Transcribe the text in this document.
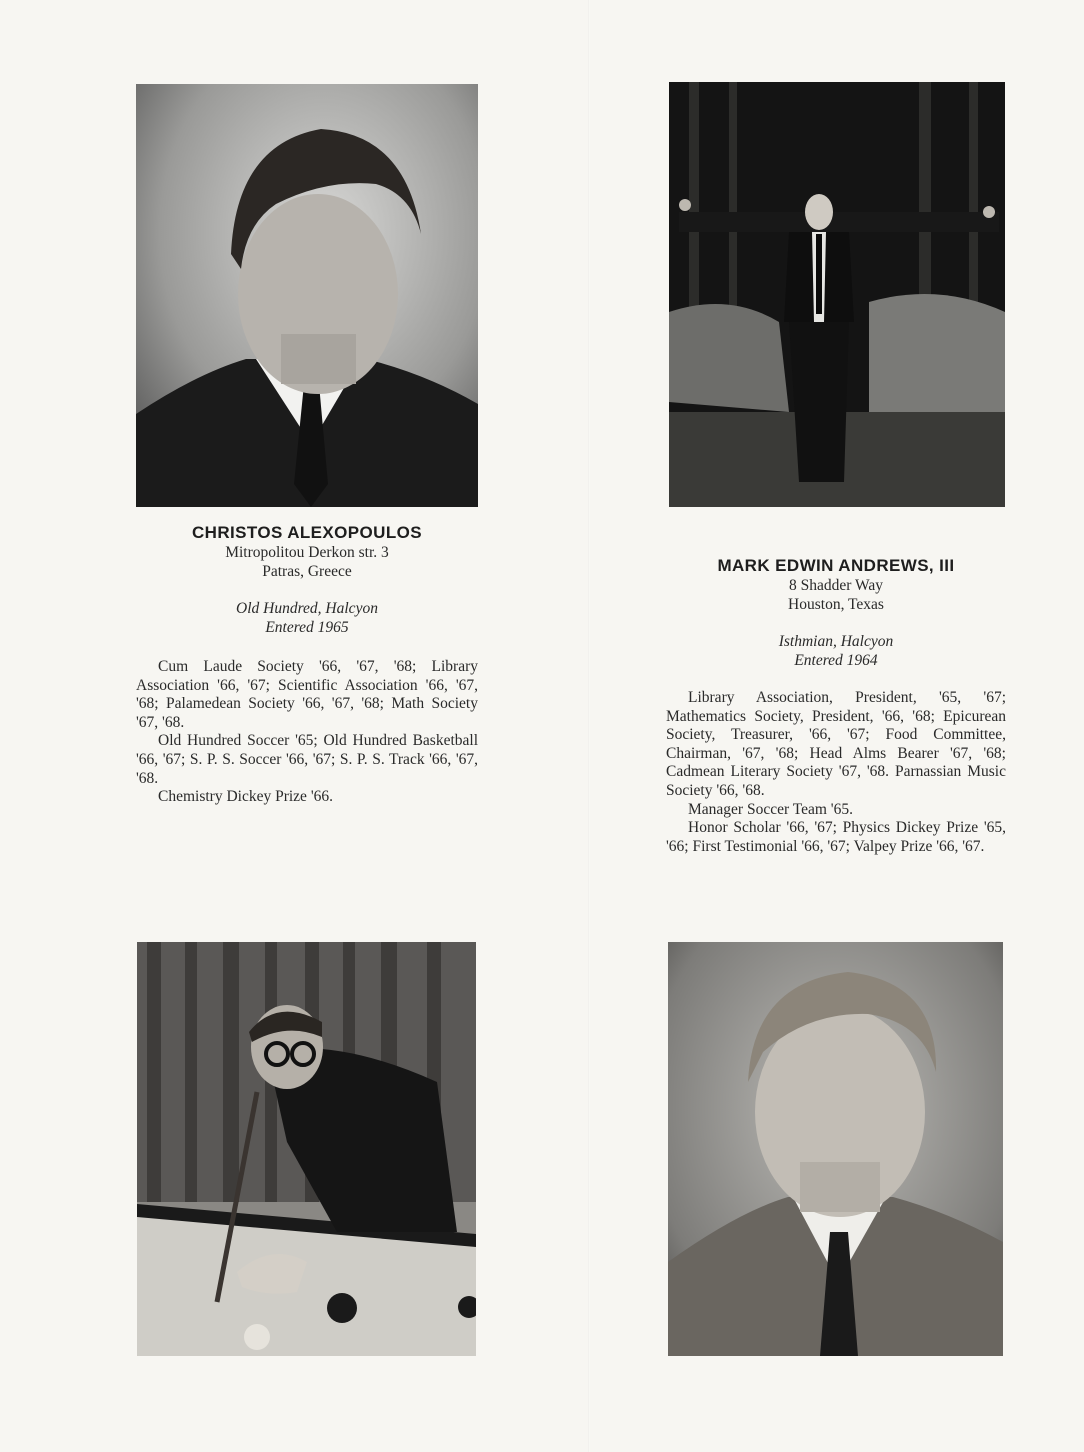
CHRISTOS ALEXOPOULOS

Mitropolitou Derkon str. 3

Patras, Greece

Old Hundred, Halcyon

Entered 1965

Cum Laude Society '66, '67, '68; Library Association '66, '67; Scientific Association '66, '67, '68; Palamedean Society '66, '67, '68; Math Society '67, '68.

Old Hundred Soccer '65; Old Hundred Basketball '66, '67; S. P. S. Soccer '66, '67; S. P. S. Track '66, '67, '68.

Chemistry Dickey Prize '66.

MARK EDWIN ANDREWS, III

8 Shadder Way

Houston, Texas

Isthmian, Halcyon

Entered 1964

Library Association, President, '65, '67; Mathematics Society, President, '66, '68; Epicurean Society, Treasurer, '66, '67; Food Committee, Chairman, '67, '68; Head Alms Bearer '67, '68; Cadmean Literary Society '67, '68. Parnassian Music Society '66, '68.

Manager Soccer Team '65.

Honor Scholar '66, '67; Physics Dickey Prize '65, '66; First Testimonial '66, '67; Valpey Prize '66, '67.
